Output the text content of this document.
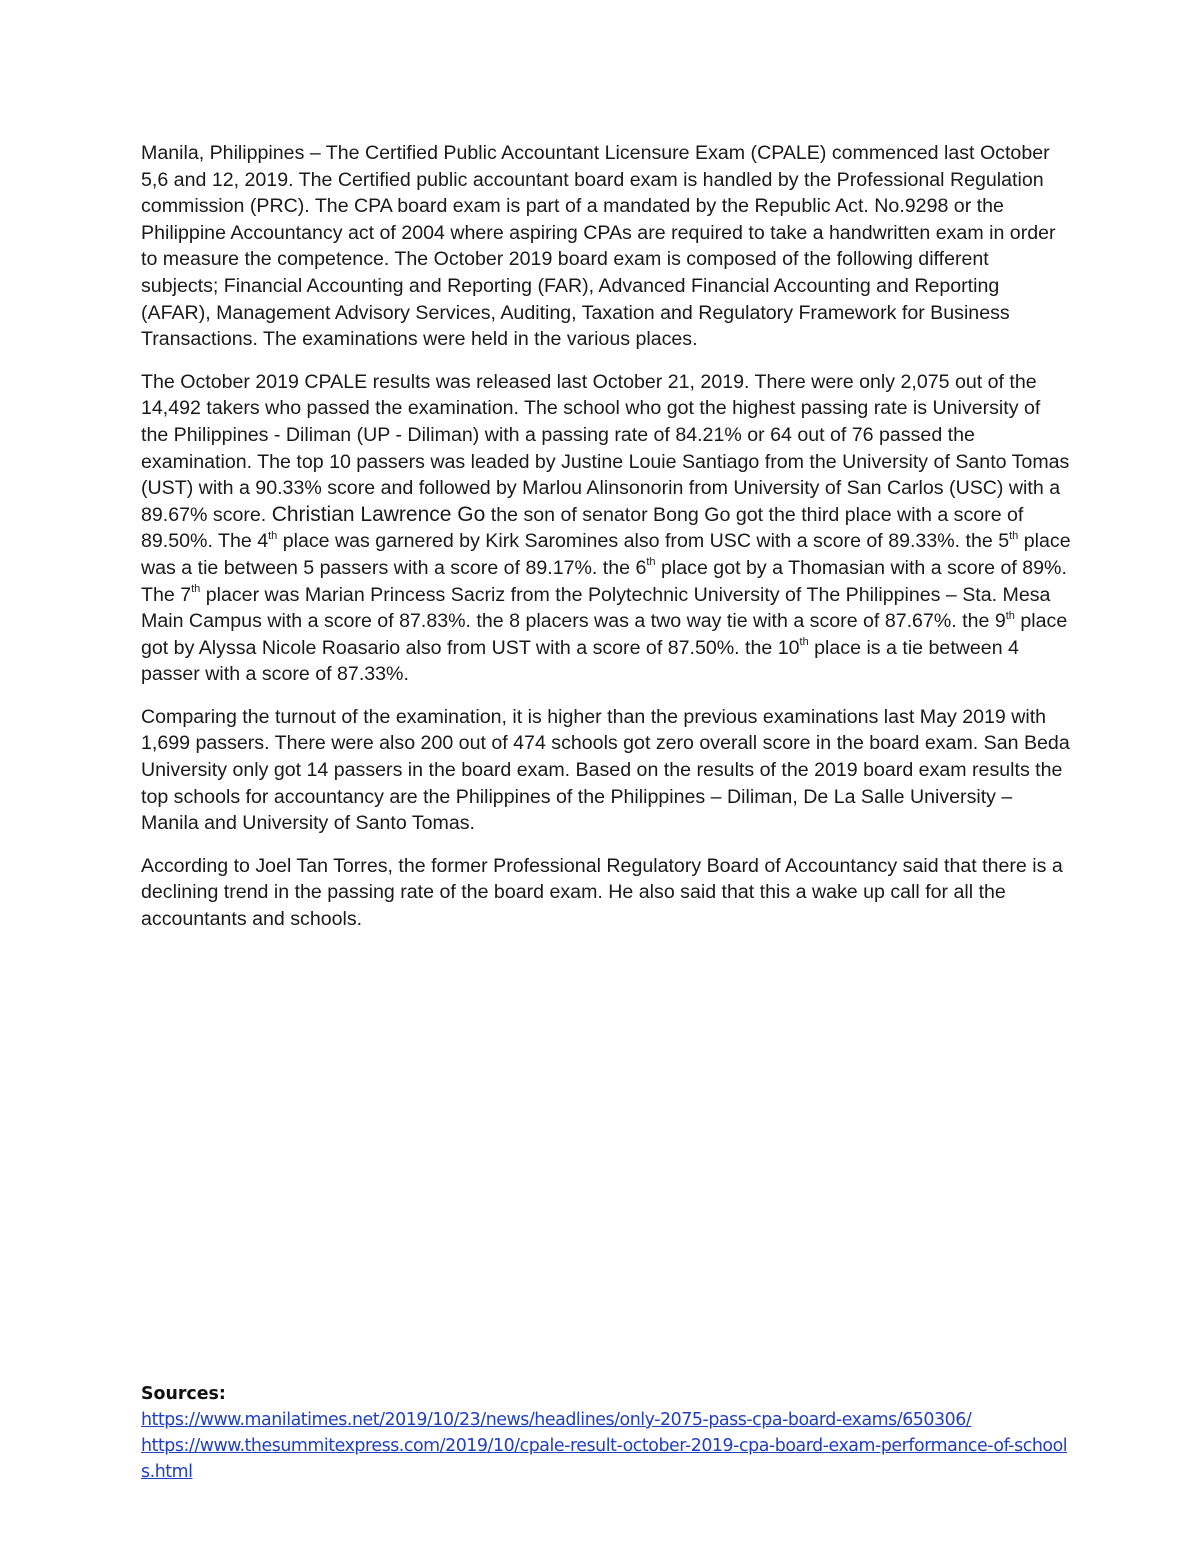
Manila, Philippines – The Certified Public Accountant Licensure Exam (CPALE) commenced last October 5,6 and 12, 2019. The Certified public accountant board exam is handled by the Professional Regulation commission (PRC). The CPA board exam is part of a mandated by the Republic Act. No.9298 or the Philippine Accountancy act of 2004 where aspiring CPAs are required to take a handwritten exam in order to measure the competence. The October 2019 board exam is composed of the following different subjects; Financial Accounting and Reporting (FAR), Advanced Financial Accounting and Reporting (AFAR), Management Advisory Services, Auditing, Taxation and Regulatory Framework for Business Transactions. The examinations were held in the various places.

The October 2019 CPALE results was released last October 21, 2019. There were only 2,075 out of the 14,492 takers who passed the examination. The school who got the highest passing rate is University of the Philippines - Diliman (UP - Diliman) with a passing rate of 84.21% or 64 out of 76 passed the examination. The top 10 passers was leaded by Justine Louie Santiago from the University of Santo Tomas (UST) with a 90.33% score and followed by Marlou Alinsonorin from University of San Carlos (USC) with a 89.67% score. Christian Lawrence Go the son of senator Bong Go got the third place with a score of 89.50%. The 4th place was garnered by Kirk Saromines also from USC with a score of 89.33%. the 5th place was a tie between 5 passers with a score of 89.17%. the 6th place got by a Thomasian with a score of 89%. The 7th placer was Marian Princess Sacriz from the Polytechnic University of The Philippines – Sta. Mesa Main Campus with a score of 87.83%. the 8 placers was a two way tie with a score of 87.67%. the 9th place got by Alyssa Nicole Roasario also from UST with a score of 87.50%. the 10th place is a tie between 4 passer with a score of 87.33%.

Comparing the turnout of the examination, it is higher than the previous examinations last May 2019 with 1,699 passers. There were also 200 out of 474 schools got zero overall score in the board exam. San Beda University only got 14 passers in the board exam. Based on the results of the 2019 board exam results the top schools for accountancy are the Philippines of the Philippines – Diliman, De La Salle University – Manila and University of Santo Tomas.

According to Joel Tan Torres, the former Professional Regulatory Board of Accountancy said that there is a declining trend in the passing rate of the board exam. He also said that this a wake up call for all the accountants and schools.

Sources:
https://www.manilatimes.net/2019/10/23/news/headlines/only-2075-pass-cpa-board-exams/650306/
https://www.thesummitexpress.com/2019/10/cpale-result-october-2019-cpa-board-exam-performance-of-schools.html
